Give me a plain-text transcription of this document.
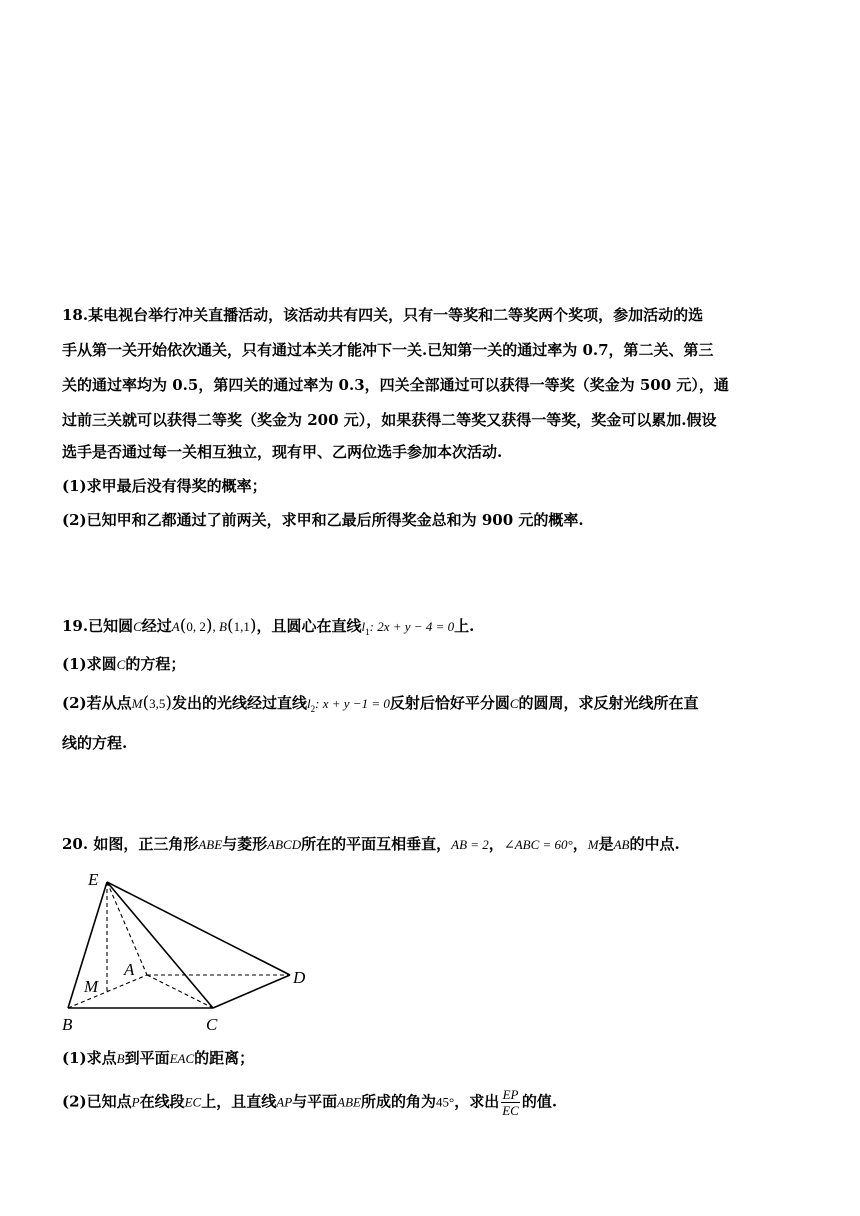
18.某电视台举行冲关直播活动，该活动共有四关，只有一等奖和二等奖两个奖项，参加活动的选
手从第一关开始依次通关，只有通过本关才能冲下一关.已知第一关的通过率为 0.7，第二关、第三
关的通过率均为 0.5，第四关的通过率为 0.3，四关全部通过可以获得一等奖（奖金为 500 元），通
过前三关就可以获得二等奖（奖金为 200 元），如果获得二等奖又获得一等奖，奖金可以累加.假设
选手是否通过每一关相互独立，现有甲、乙两位选手参加本次活动.
(1)求甲最后没有得奖的概率；
(2)已知甲和乙都通过了前两关，求甲和乙最后所得奖金总和为 900 元的概率.
19.已知圆C经过A(0, 2), B(1,1)，且圆心在直线$l_1$: 2x + y − 4 = 0上.
(1)求圆C的方程；
(2)若从点M(3,5)发出的光线经过直线$l_2$: x + y −1 = 0反射后恰好平分圆C的圆周，求反射光线所在直
线的方程.
20. 如图，正三角形ABE与菱形ABCD所在的平面互相垂直，AB = 2，∠ABC = 60°，M是AB的中点.
E
A
M
B	C
D
(1)求点B到平面EAC的距离；
(2)已知点P在线段EC上，且直线AP与平面ABE所成的角为45°，求出 $\frac{EP}{EC}$ 的值.
